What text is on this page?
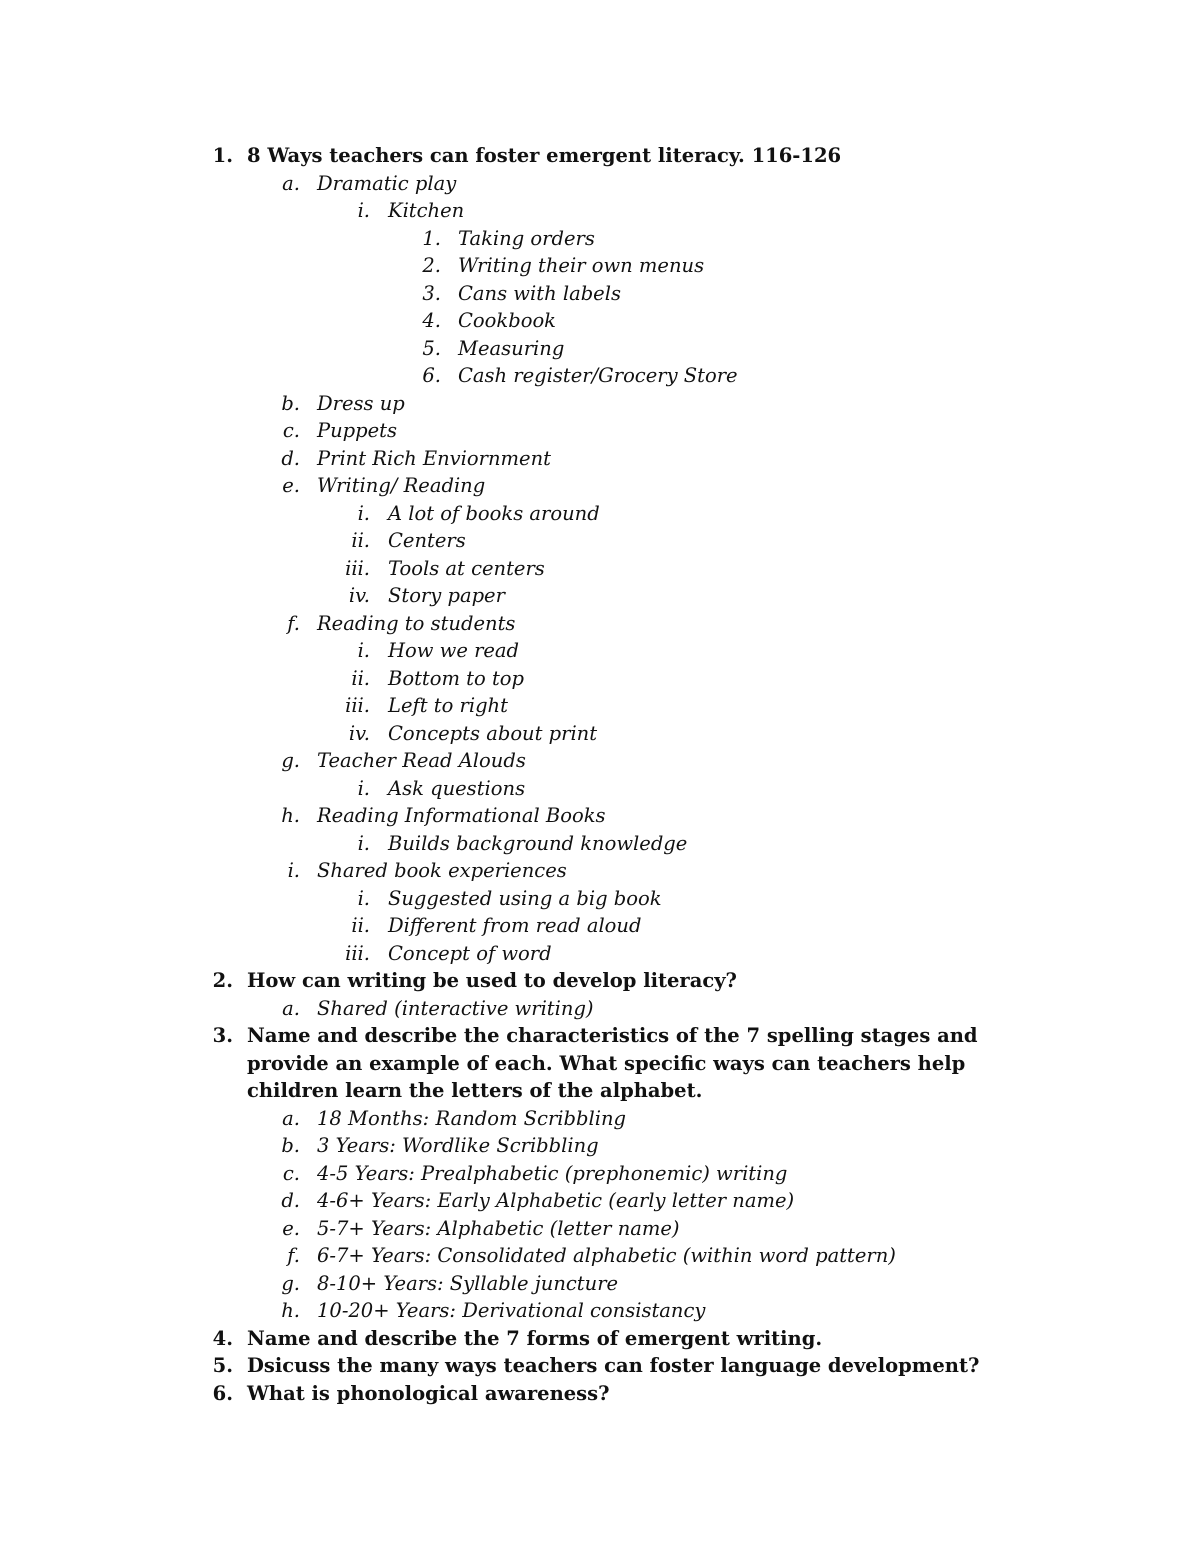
1. 8 Ways teachers can foster emergent literacy. 116-126
a. Dramatic play
i. Kitchen
1. Taking orders
2. Writing their own menus
3. Cans with labels
4. Cookbook
5. Measuring
6. Cash register/Grocery Store
b. Dress up
c. Puppets
d. Print Rich Enviornment
e. Writing/ Reading
i. A lot of books around
ii. Centers
iii. Tools at centers
iv. Story paper
f. Reading to students
i. How we read
ii. Bottom to top
iii. Left to right
iv. Concepts about print
g. Teacher Read Alouds
i. Ask questions
h. Reading Informational Books
i. Builds background knowledge
i. Shared book experiences
i. Suggested using a big book
ii. Different from read aloud
iii. Concept of word
2. How can writing be used to develop literacy?
a. Shared (interactive writing)
3. Name and describe the characteristics of the 7 spelling stages and
provide an example of each. What specific ways can teachers help
children learn the letters of the alphabet.
a. 18 Months: Random Scribbling
b. 3 Years: Wordlike Scribbling
c. 4-5 Years: Prealphabetic (prephonemic) writing
d. 4-6+ Years: Early Alphabetic (early letter name)
e. 5-7+ Years: Alphabetic (letter name)
f. 6-7+ Years: Consolidated alphabetic (within word pattern)
g. 8-10+ Years: Syllable juncture
h. 10-20+ Years: Derivational consistancy
4. Name and describe the 7 forms of emergent writing.
5. Dsicuss the many ways teachers can foster language development?
6. What is phonological awareness?
